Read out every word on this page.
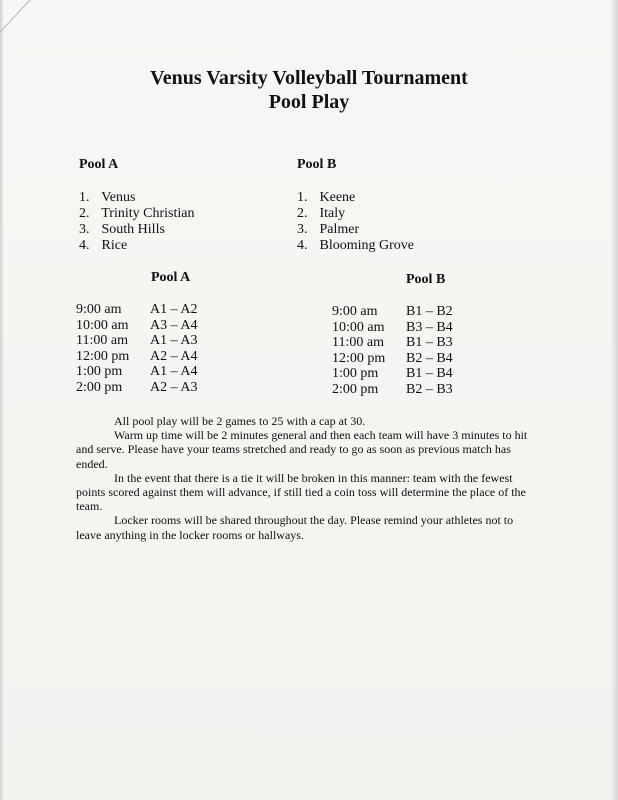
Venus Varsity Volleyball Tournament
Pool Play
Pool A
1. Venus
2. Trinity Christian
3. South Hills
4. Rice
Pool B
1. Keene
2. Italy
3. Palmer
4. Blooming Grove
Pool A
9:00 am A1 – A2
10:00 am A3 – A4
11:00 am A1 – A3
12:00 pm A2 – A4
1:00 pm A1 – A4
2:00 pm A2 – A3
Pool B
9:00 am B1 – B2
10:00 am B3 – B4
11:00 am B1 – B3
12:00 pm B2 – B4
1:00 pm B1 – B4
2:00 pm B2 – B3

All pool play will be 2 games to 25 with a cap at 30.

Warm up time will be 2 minutes general and then each team will have 3 minutes to hit and serve. Please have your teams stretched and ready to go as soon as previous match has ended.

In the event that there is a tie it will be broken in this manner: team with the fewest points scored against them will advance, if still tied a coin toss will determine the place of the team.

Locker rooms will be shared throughout the day. Please remind your athletes not to leave anything in the locker rooms or hallways.
